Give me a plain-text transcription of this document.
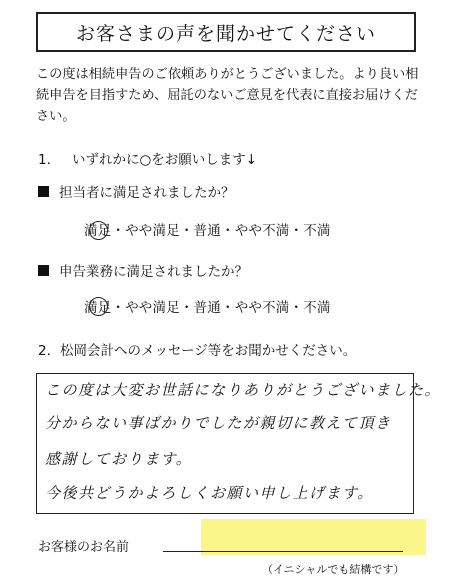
お客さまの声を聞かせてください
この度は相続申告のご依頼ありがとうございました。より良い相続申告を目指すため、屈託のないご意見を代表に直接お届けください。
1. いずれかに○をお願いします↓
担当者に満足されましたか？
満足・やや満足・普通・やや不満・不満
申告業務に満足されましたか？
満足・やや満足・普通・やや不満・不満
2. 松岡会計へのメッセージ等をお聞かせください。
この度は大変お世話になりありがとうございました。
分からない事ばかりでしたが親切に教えて頂き
感謝しております。
今後共どうかよろしくお願い申し上げます。
お客様のお名前
（イニシャルでも結構です）
